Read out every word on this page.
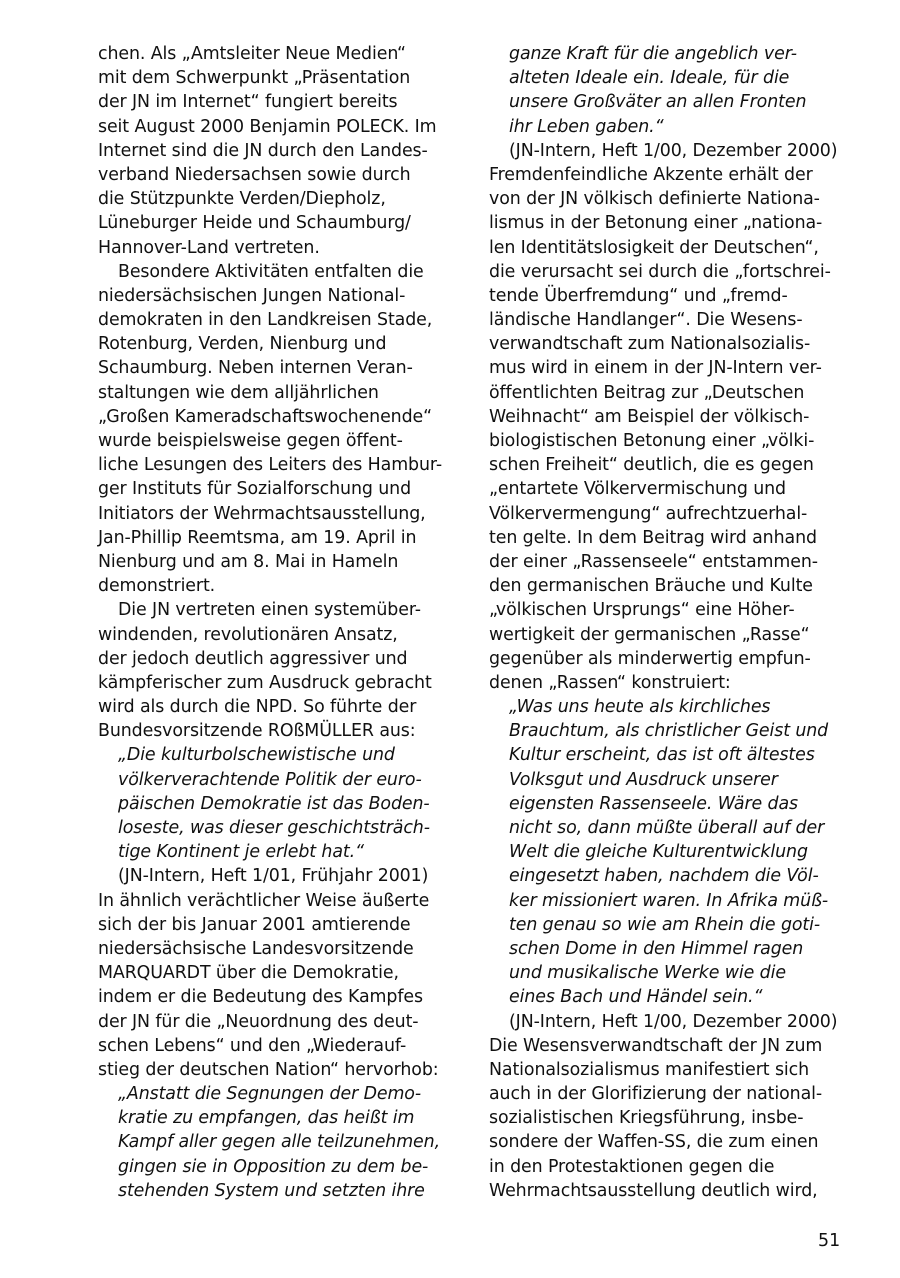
chen. Als „Amtsleiter Neue Medien“
mit dem Schwerpunkt „Präsentation
der JN im Internet“ fungiert bereits
seit August 2000 Benjamin POLECK. Im
Internet sind die JN durch den Landes-
verband Niedersachsen sowie durch
die Stützpunkte Verden/Diepholz,
Lüneburger Heide und Schaumburg/
Hannover-Land vertreten.
Besondere Aktivitäten entfalten die
niedersächsischen Jungen National-
demokraten in den Landkreisen Stade,
Rotenburg, Verden, Nienburg und
Schaumburg. Neben internen Veran-
staltungen wie dem alljährlichen
„Großen Kameradschaftswochenende“
wurde beispielsweise gegen öffent-
liche Lesungen des Leiters des Hambur-
ger Instituts für Sozialforschung und
Initiators der Wehrmachtsausstellung,
Jan-Phillip Reemtsma, am 19. April in
Nienburg und am 8. Mai in Hameln
demonstriert.
Die JN vertreten einen systemüber-
windenden, revolutionären Ansatz,
der jedoch deutlich aggressiver und
kämpferischer zum Ausdruck gebracht
wird als durch die NPD. So führte der
Bundesvorsitzende ROßMÜLLER aus:
„Die kulturbolschewistische und
völkerverachtende Politik der euro-
päischen Demokratie ist das Boden-
loseste, was dieser geschichtsträch-
tige Kontinent je erlebt hat.“
(JN-Intern, Heft 1/01, Frühjahr 2001)
In ähnlich verächtlicher Weise äußerte
sich der bis Januar 2001 amtierende
niedersächsische Landesvorsitzende
MARQUARDT über die Demokratie,
indem er die Bedeutung des Kampfes
der JN für die „Neuordnung des deut-
schen Lebens“ und den „Wiederauf-
stieg der deutschen Nation“ hervorhob:
„Anstatt die Segnungen der Demo-
kratie zu empfangen, das heißt im
Kampf aller gegen alle teilzunehmen,
gingen sie in Opposition zu dem be-
stehenden System und setzten ihre
ganze Kraft für die angeblich ver-
alteten Ideale ein. Ideale, für die
unsere Großväter an allen Fronten
ihr Leben gaben.“
(JN-Intern, Heft 1/00, Dezember 2000)
Fremdenfeindliche Akzente erhält der
von der JN völkisch definierte Nationa-
lismus in der Betonung einer „nationa-
len Identitätslosigkeit der Deutschen“,
die verursacht sei durch die „fortschrei-
tende Überfremdung“ und „fremd-
ländische Handlanger“. Die Wesens-
verwandtschaft zum Nationalsozialis-
mus wird in einem in der JN-Intern ver-
öffentlichten Beitrag zur „Deutschen
Weihnacht“ am Beispiel der völkisch-
biologistischen Betonung einer „völki-
schen Freiheit“ deutlich, die es gegen
„entartete Völkervermischung und
Völkervermengung“ aufrechtzuerhal-
ten gelte. In dem Beitrag wird anhand
der einer „Rassenseele“ entstammen-
den germanischen Bräuche und Kulte
„völkischen Ursprungs“ eine Höher-
wertigkeit der germanischen „Rasse“
gegenüber als minderwertig empfun-
denen „Rassen“ konstruiert:
„Was uns heute als kirchliches
Brauchtum, als christlicher Geist und
Kultur erscheint, das ist oft ältestes
Volksgut und Ausdruck unserer
eigensten Rassenseele. Wäre das
nicht so, dann müßte überall auf der
Welt die gleiche Kulturentwicklung
eingesetzt haben, nachdem die Völ-
ker missioniert waren. In Afrika müß-
ten genau so wie am Rhein die goti-
schen Dome in den Himmel ragen
und musikalische Werke wie die
eines Bach und Händel sein.“
(JN-Intern, Heft 1/00, Dezember 2000)
Die Wesensverwandtschaft der JN zum
Nationalsozialismus manifestiert sich
auch in der Glorifizierung der national-
sozialistischen Kriegsführung, insbe-
sondere der Waffen-SS, die zum einen
in den Protestaktionen gegen die
Wehrmachtsausstellung deutlich wird,
51
